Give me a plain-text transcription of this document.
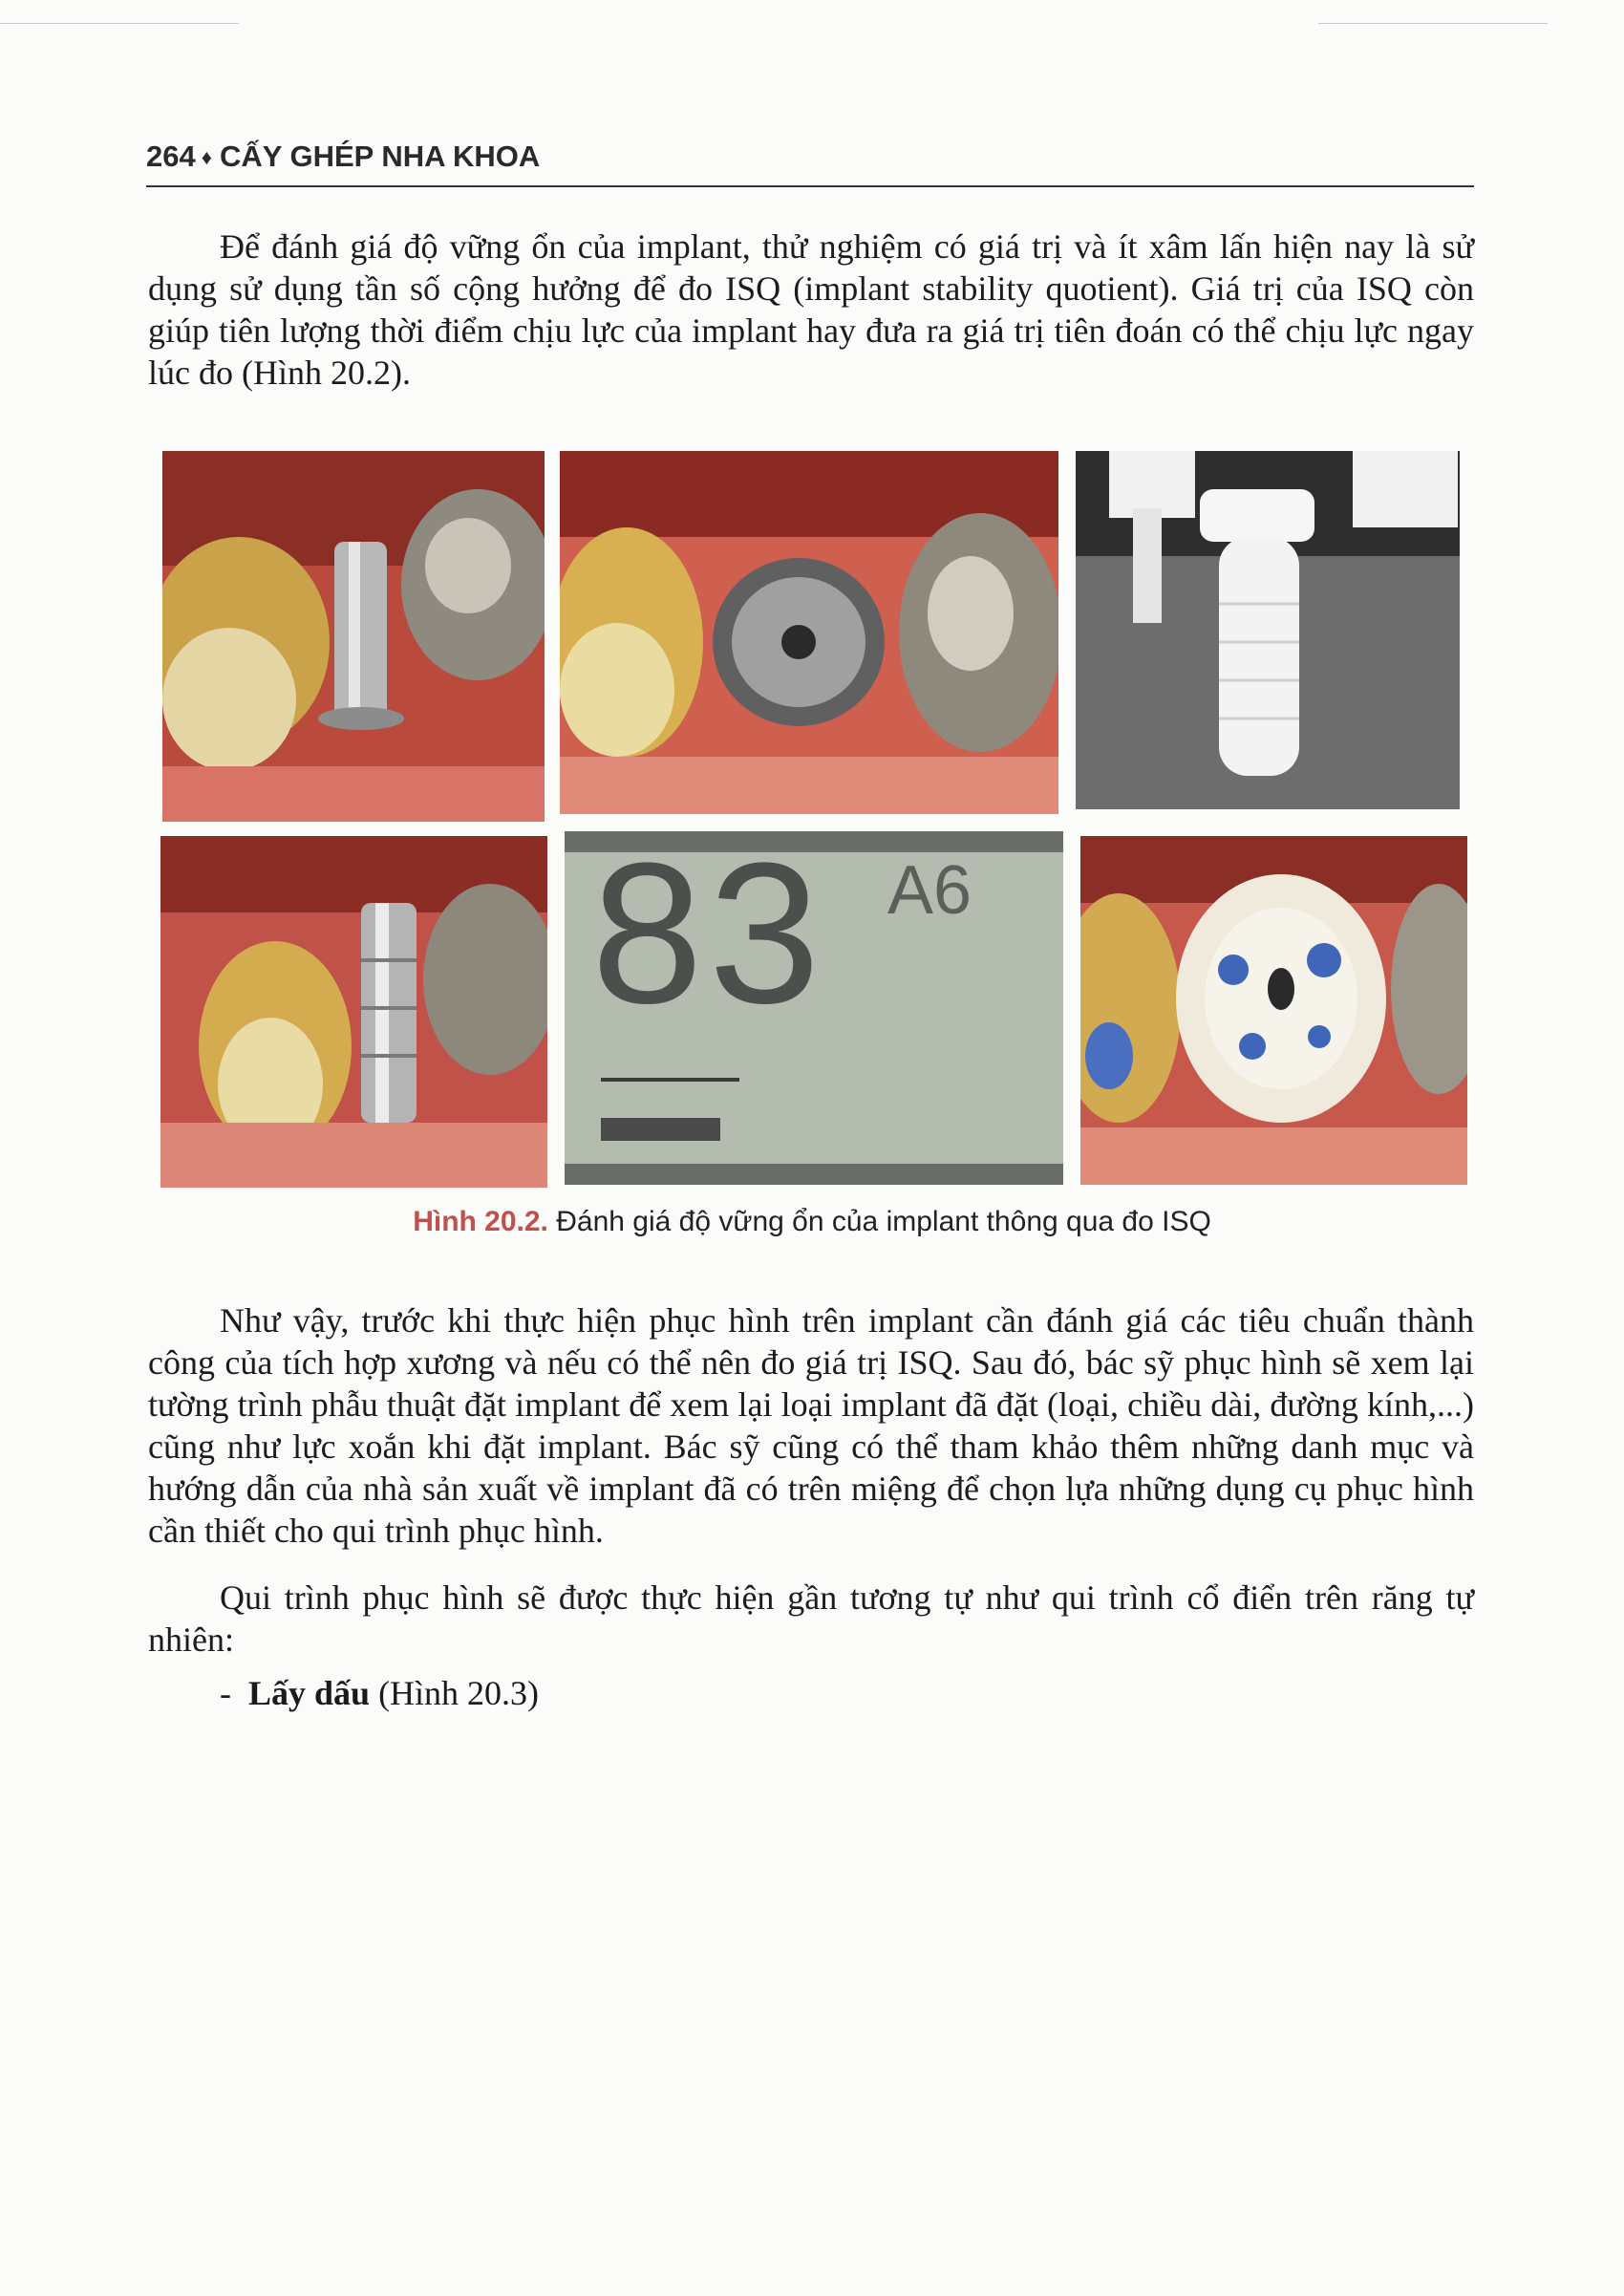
264 ♦ CẤY GHÉP NHA KHOA

Để đánh giá độ vững ổn của implant, thử nghiệm có giá trị và ít xâm lấn hiện nay là sử dụng sử dụng tần số cộng hưởng để đo ISQ (implant stability quotient). Giá trị của ISQ còn giúp tiên lượng thời điểm chịu lực của implant hay đưa ra giá trị tiên đoán có thể chịu lực ngay lúc đo (Hình 20.2).

83 A6
Hình 20.2. Đánh giá độ vững ổn của implant thông qua đo ISQ

Như vậy, trước khi thực hiện phục hình trên implant cần đánh giá các tiêu chuẩn thành công của tích hợp xương và nếu có thể nên đo giá trị ISQ. Sau đó, bác sỹ phục hình sẽ xem lại tường trình phẫu thuật đặt implant để xem lại loại implant đã đặt (loại, chiều dài, đường kính,...) cũng như lực xoắn khi đặt implant. Bác sỹ cũng có thể tham khảo thêm những danh mục và hướng dẫn của nhà sản xuất về implant đã có trên miệng để chọn lựa những dụng cụ phục hình cần thiết cho qui trình phục hình.

Qui trình phục hình sẽ được thực hiện gần tương tự như qui trình cổ điển trên răng tự nhiên:

- Lấy dấu (Hình 20.3)
